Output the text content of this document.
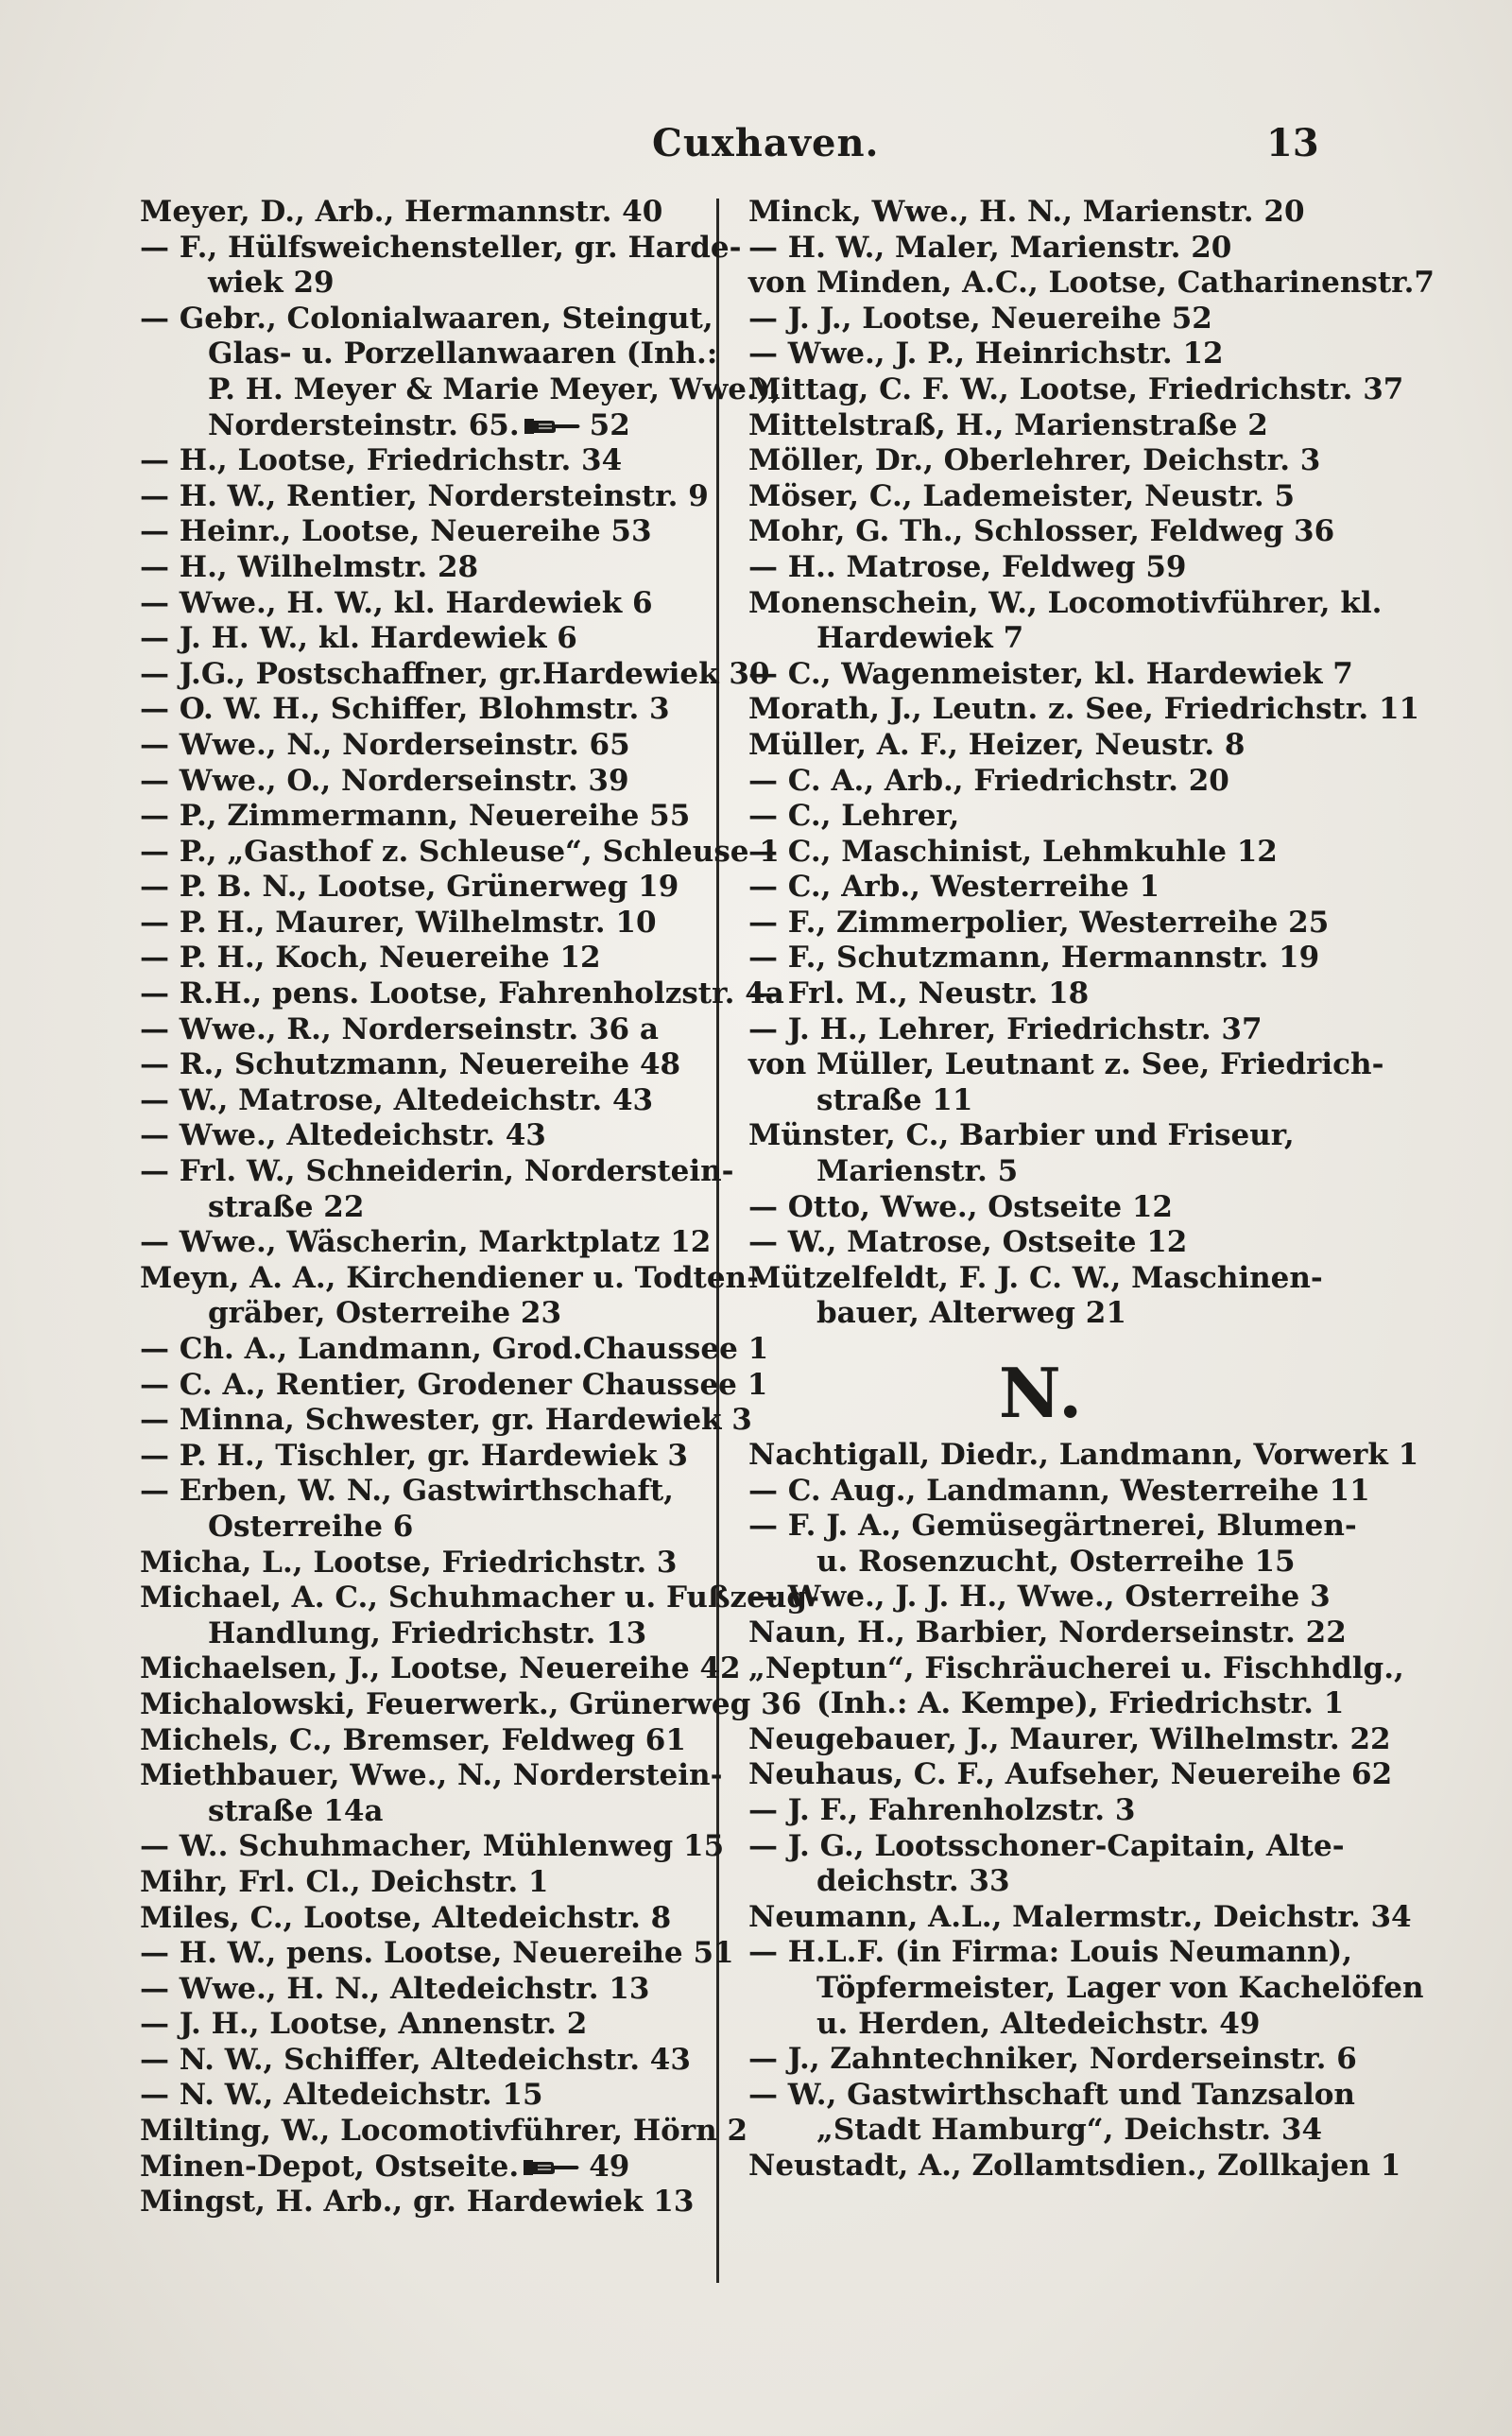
Cuxhaven.	13
Meyer, D., Arb., Hermannstr. 40
— F., Hülfsweichensteller, gr. Harde-
wiek 29
— Gebr., Colonialwaaren, Steingut,
Glas- u. Porzellanwaaren (Inh.:
P. H. Meyer & Marie Meyer, Wwe.),
Nordersteinstr. 65. 52
— H., Lootse, Friedrichstr. 34
— H. W., Rentier, Nordersteinstr. 9
— Heinr., Lootse, Neuereihe 53
— H., Wilhelmstr. 28
— Wwe., H. W., kl. Hardewiek 6
— J. H. W., kl. Hardewiek 6
— J.G., Postschaffner, gr.Hardewiek 30
— O. W. H., Schiffer, Blohmstr. 3
— Wwe., N., Norderseinstr. 65
— Wwe., O., Norderseinstr. 39
— P., Zimmermann, Neuereihe 55
— P., „Gasthof z. Schleuse“, Schleuse 1
— P. B. N., Lootse, Grünerweg 19
— P. H., Maurer, Wilhelmstr. 10
— P. H., Koch, Neuereihe 12
— R.H., pens. Lootse, Fahrenholzstr. 4a
— Wwe., R., Norderseinstr. 36 a
— R., Schutzmann, Neuereihe 48
— W., Matrose, Altedeichstr. 43
— Wwe., Altedeichstr. 43
— Frl. W., Schneiderin, Norderstein-
straße 22
— Wwe., Wäscherin, Marktplatz 12
Meyn, A. A., Kirchendiener u. Todten-
gräber, Osterreihe 23
— Ch. A., Landmann, Grod.Chaussee 1
— C. A., Rentier, Grodener Chaussee 1
— Minna, Schwester, gr. Hardewiek 3
— P. H., Tischler, gr. Hardewiek 3
— Erben, W. N., Gastwirthschaft,
Osterreihe 6
Micha, L., Lootse, Friedrichstr. 3
Michael, A. C., Schuhmacher u. Fußzeug-
Handlung, Friedrichstr. 13
Michaelsen, J., Lootse, Neuereihe 42
Michalowski, Feuerwerk., Grünerweg 36
Michels, C., Bremser, Feldweg 61
Miethbauer, Wwe., N., Norderstein-
straße 14a
— W.. Schuhmacher, Mühlenweg 15
Mihr, Frl. Cl., Deichstr. 1
Miles, C., Lootse, Altedeichstr. 8
— H. W., pens. Lootse, Neuereihe 51
— Wwe., H. N., Altedeichstr. 13
— J. H., Lootse, Annenstr. 2
— N. W., Schiffer, Altedeichstr. 43
— N. W., Altedeichstr. 15
Milting, W., Locomotivführer, Hörn 2
Minen-Depot, Ostseite. 49
Mingst, H. Arb., gr. Hardewiek 13
Minck, Wwe., H. N., Marienstr. 20
— H. W., Maler, Marienstr. 20
von Minden, A.C., Lootse, Catharinenstr.7
— J. J., Lootse, Neuereihe 52
— Wwe., J. P., Heinrichstr. 12
Mittag, C. F. W., Lootse, Friedrichstr. 37
Mittelstraß, H., Marienstraße 2
Möller, Dr., Oberlehrer, Deichstr. 3
Möser, C., Lademeister, Neustr. 5
Mohr, G. Th., Schlosser, Feldweg 36
— H.. Matrose, Feldweg 59
Monenschein, W., Locomotivführer, kl.
Hardewiek 7
— C., Wagenmeister, kl. Hardewiek 7
Morath, J., Leutn. z. See, Friedrichstr. 11
Müller, A. F., Heizer, Neustr. 8
— C. A., Arb., Friedrichstr. 20
— C., Lehrer,
— C., Maschinist, Lehmkuhle 12
— C., Arb., Westerreihe 1
— F., Zimmerpolier, Westerreihe 25
— F., Schutzmann, Hermannstr. 19
— Frl. M., Neustr. 18
— J. H., Lehrer, Friedrichstr. 37
von Müller, Leutnant z. See, Friedrich-
straße 11
Münster, C., Barbier und Friseur,
Marienstr. 5
— Otto, Wwe., Ostseite 12
— W., Matrose, Ostseite 12
Mützelfeldt, F. J. C. W., Maschinen-
bauer, Alterweg 21
N.
Nachtigall, Diedr., Landmann, Vorwerk 1
— C. Aug., Landmann, Westerreihe 11
— F. J. A., Gemüsegärtnerei, Blumen-
u. Rosenzucht, Osterreihe 15
— Wwe., J. J. H., Wwe., Osterreihe 3
Naun, H., Barbier, Norderseinstr. 22
„Neptun“, Fischräucherei u. Fischhdlg.,
(Inh.: A. Kempe), Friedrichstr. 1
Neugebauer, J., Maurer, Wilhelmstr. 22
Neuhaus, C. F., Aufseher, Neuereihe 62
— J. F., Fahrenholzstr. 3
— J. G., Lootsschoner-Capitain, Alte-
deichstr. 33
Neumann, A.L., Malermstr., Deichstr. 34
— H.L.F. (in Firma: Louis Neumann),
Töpfermeister, Lager von Kachelöfen
u. Herden, Altedeichstr. 49
— J., Zahntechniker, Norderseinstr. 6
— W., Gastwirthschaft und Tanzsalon
„Stadt Hamburg“, Deichstr. 34
Neustadt, A., Zollamtsdien., Zollkajen 1
